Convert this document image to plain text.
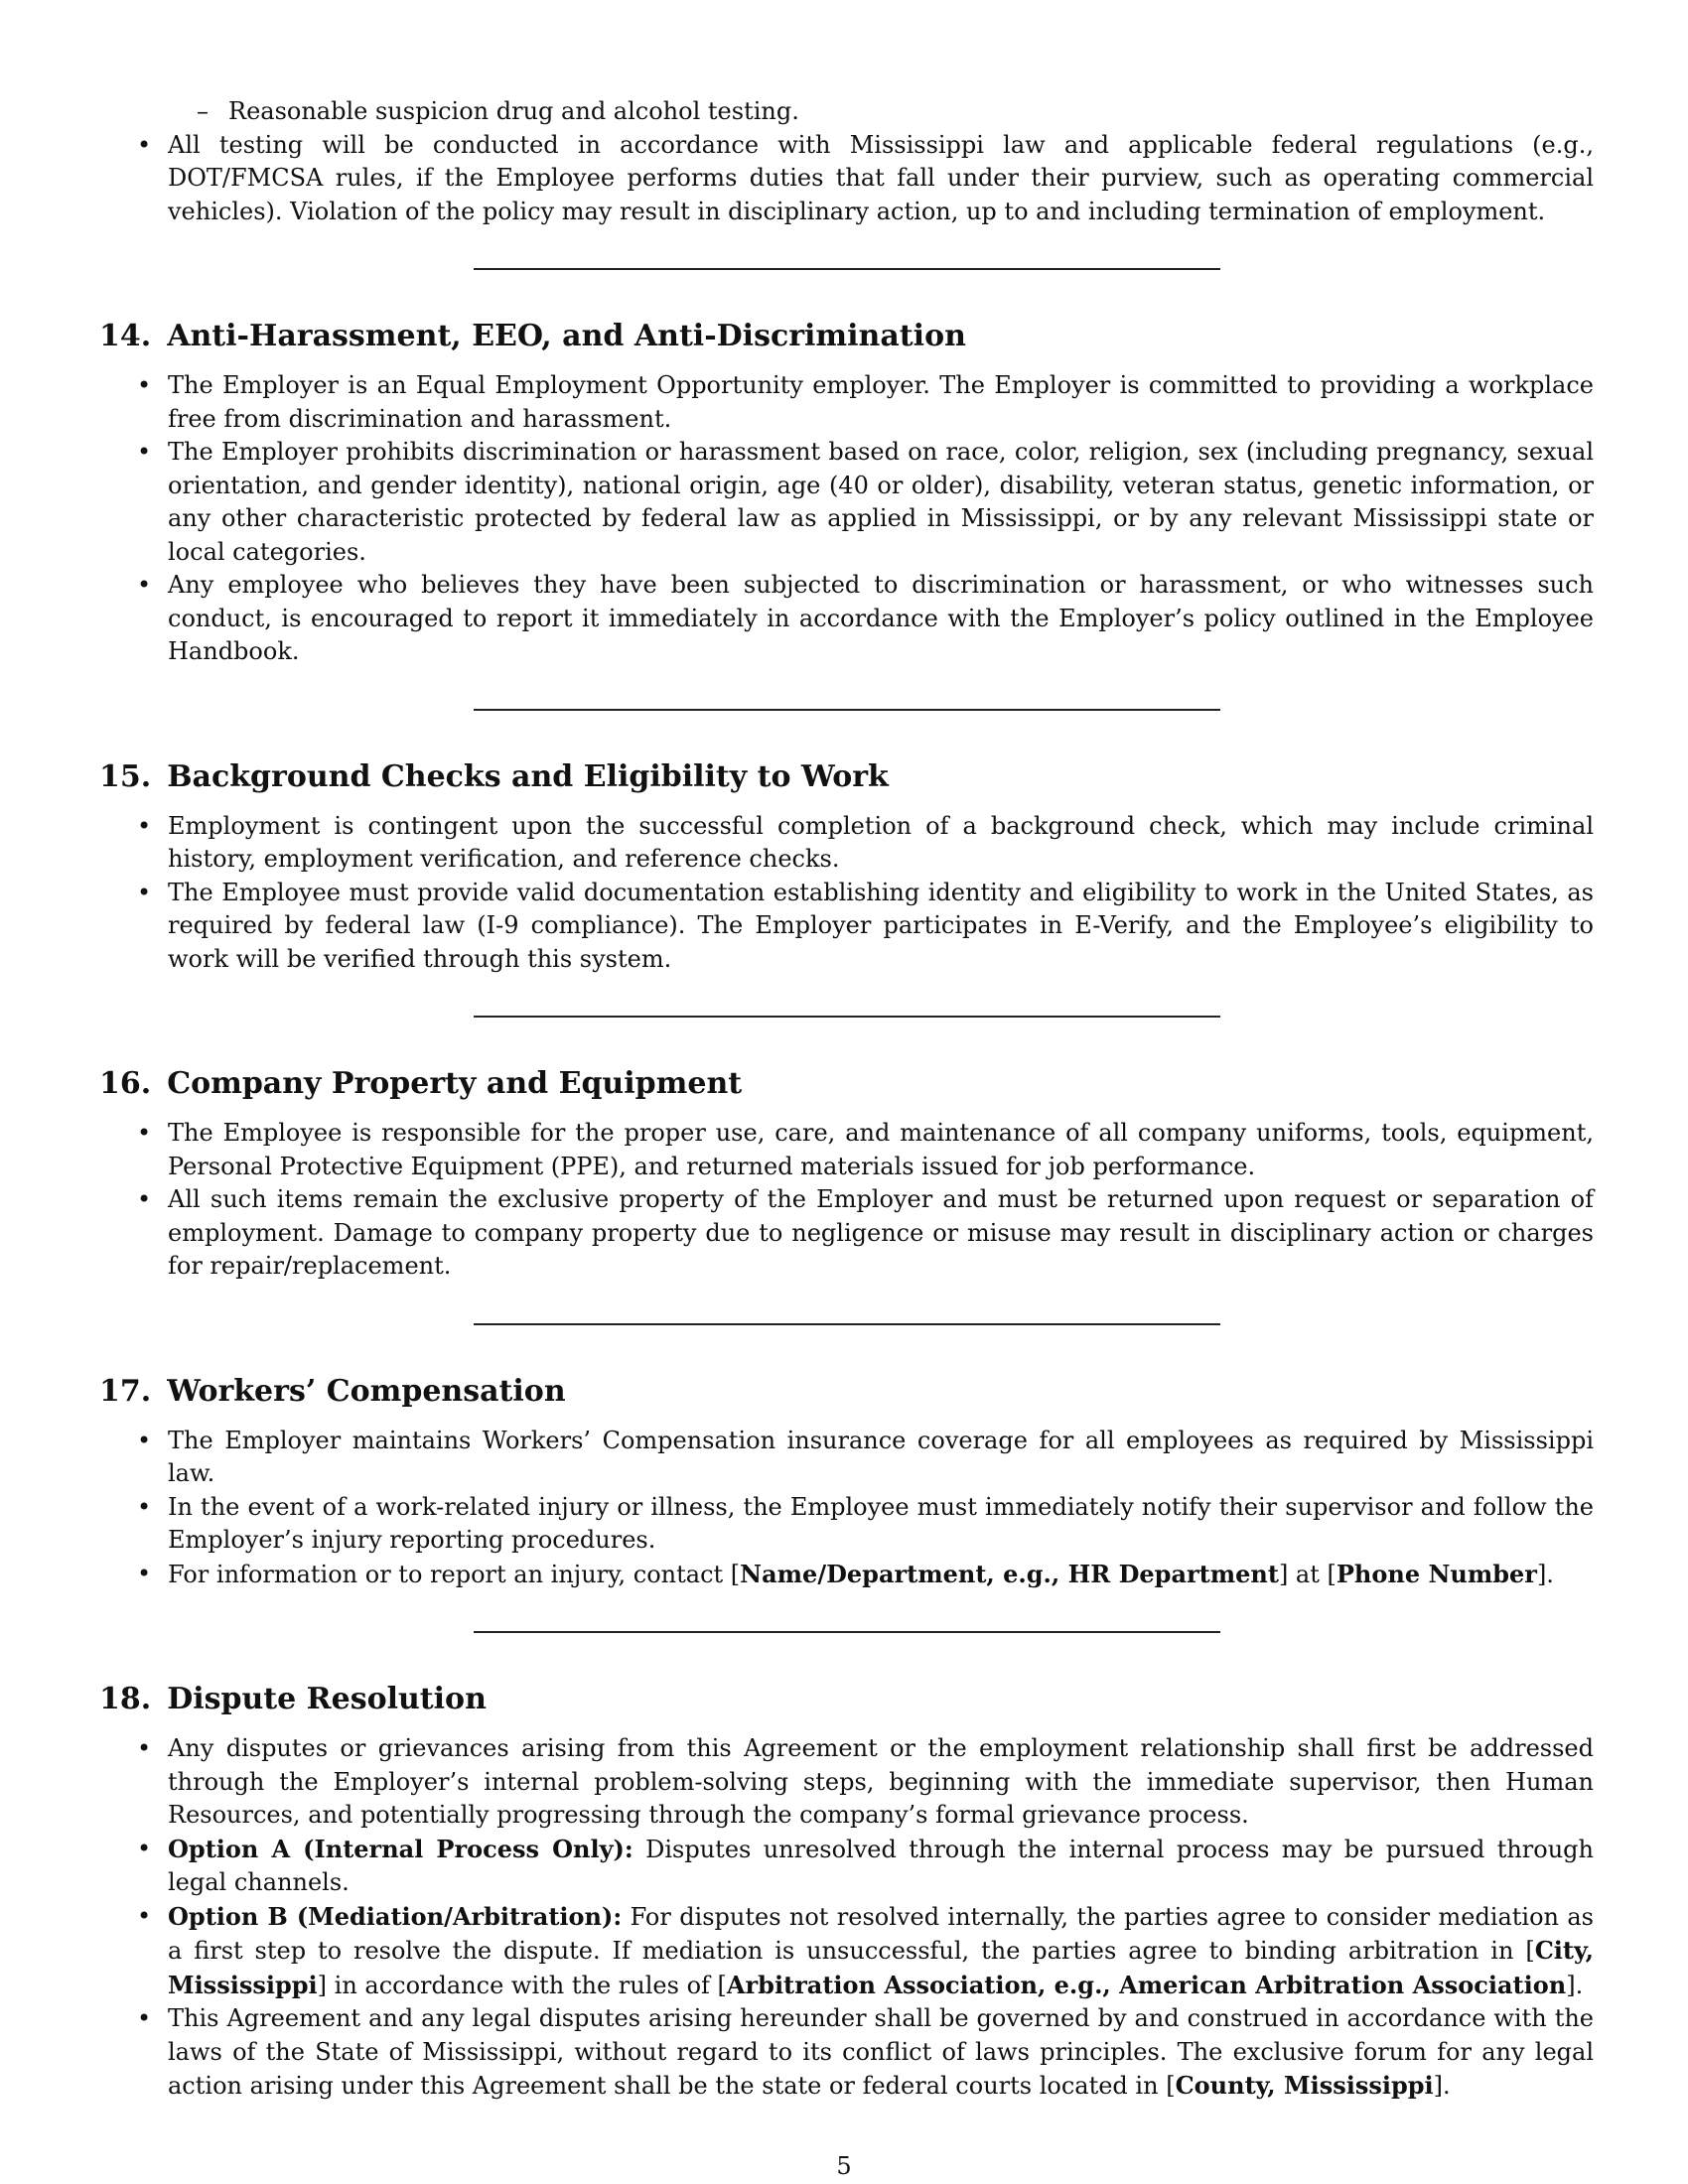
– Reasonable suspicion drug and alcohol testing.
• All testing will be conducted in accordance with Mississippi law and applicable federal regulations (e.g., DOT/FMCSA rules, if the Employee performs duties that fall under their purview, such as operating commercial vehicles). Violation of the policy may result in disciplinary action, up to and including termination of employment.
14. Anti-Harassment, EEO, and Anti-Discrimination
• The Employer is an Equal Employment Opportunity employer. The Employer is committed to providing a workplace free from discrimination and harassment.
• The Employer prohibits discrimination or harassment based on race, color, religion, sex (including pregnancy, sexual orientation, and gender identity), national origin, age (40 or older), disability, veteran status, genetic information, or any other characteristic protected by federal law as applied in Mississippi, or by any relevant Mississippi state or local categories.
• Any employee who believes they have been subjected to discrimination or harassment, or who witnesses such conduct, is encouraged to report it immediately in accordance with the Employer’s policy outlined in the Employee Handbook.
15. Background Checks and Eligibility to Work
• Employment is contingent upon the successful completion of a background check, which may include criminal history, employment verification, and reference checks.
• The Employee must provide valid documentation establishing identity and eligibility to work in the United States, as required by federal law (I-9 compliance). The Employer participates in E-Verify, and the Employee’s eligibility to work will be verified through this system.
16. Company Property and Equipment
• The Employee is responsible for the proper use, care, and maintenance of all company uniforms, tools, equipment, Personal Protective Equipment (PPE), and returned materials issued for job performance.
• All such items remain the exclusive property of the Employer and must be returned upon request or separation of employment. Damage to company property due to negligence or misuse may result in disciplinary action or charges for repair/replacement.
17. Workers’ Compensation
• The Employer maintains Workers’ Compensation insurance coverage for all employees as required by Mississippi law.
• In the event of a work-related injury or illness, the Employee must immediately notify their supervisor and follow the Employer’s injury reporting procedures.
• For information or to report an injury, contact [Name/Department, e.g., HR Department] at [Phone Number].
18. Dispute Resolution
• Any disputes or grievances arising from this Agreement or the employment relationship shall first be addressed through the Employer’s internal problem-solving steps, beginning with the immediate supervisor, then Human Resources, and potentially progressing through the company’s formal grievance process.
• Option A (Internal Process Only): Disputes unresolved through the internal process may be pursued through legal channels.
• Option B (Mediation/Arbitration): For disputes not resolved internally, the parties agree to consider mediation as a first step to resolve the dispute. If mediation is unsuccessful, the parties agree to binding arbitration in [City, Mississippi] in accordance with the rules of [Arbitration Association, e.g., American Arbitration Association].
• This Agreement and any legal disputes arising hereunder shall be governed by and construed in accordance with the laws of the State of Mississippi, without regard to its conflict of laws principles. The exclusive forum for any legal action arising under this Agreement shall be the state or federal courts located in [County, Mississippi].
5
